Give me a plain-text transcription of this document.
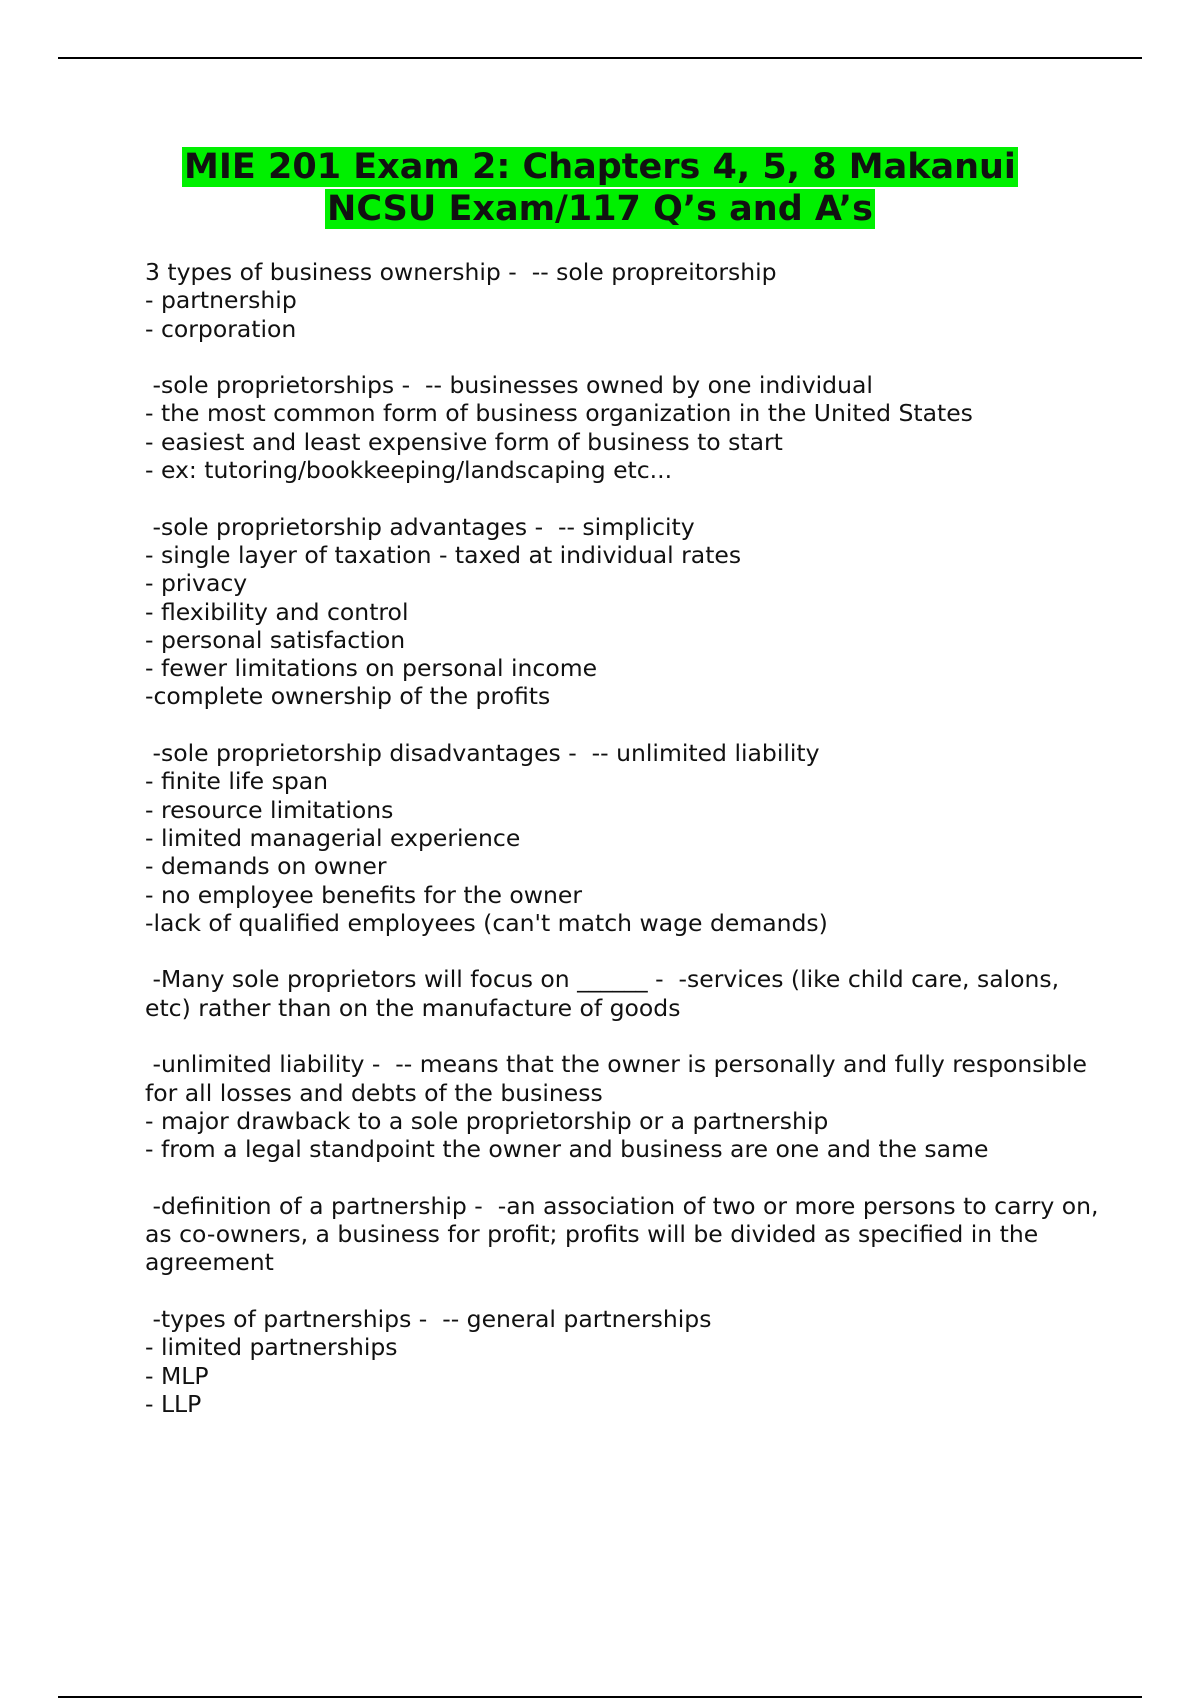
MIE 201 Exam 2: Chapters 4, 5, 8 Makanui
NCSU Exam/117 Q’s and A’s
3 types of business ownership -  -- sole propreitorship
- partnership
- corporation
-sole proprietorships -  -- businesses owned by one individual
- the most common form of business organization in the United States
- easiest and least expensive form of business to start
- ex: tutoring/bookkeeping/landscaping etc...
-sole proprietorship advantages -  -- simplicity
- single layer of taxation - taxed at individual rates
- privacy
- flexibility and control
- personal satisfaction
- fewer limitations on personal income
-complete ownership of the profits
-sole proprietorship disadvantages -  -- unlimited liability
- finite life span
- resource limitations
- limited managerial experience
- demands on owner
- no employee benefits for the owner
-lack of qualified employees (can't match wage demands)
-Many sole proprietors will focus on ______ -  -services (like child care, salons, etc) rather than on the manufacture of goods
-unlimited liability -  -- means that the owner is personally and fully responsible for all losses and debts of the business
- major drawback to a sole proprietorship or a partnership
- from a legal standpoint the owner and business are one and the same
-definition of a partnership -  -an association of two or more persons to carry on, as co-owners, a business for profit; profits will be divided as specified in the agreement
-types of partnerships -  -- general partnerships
- limited partnerships
- MLP
- LLP
